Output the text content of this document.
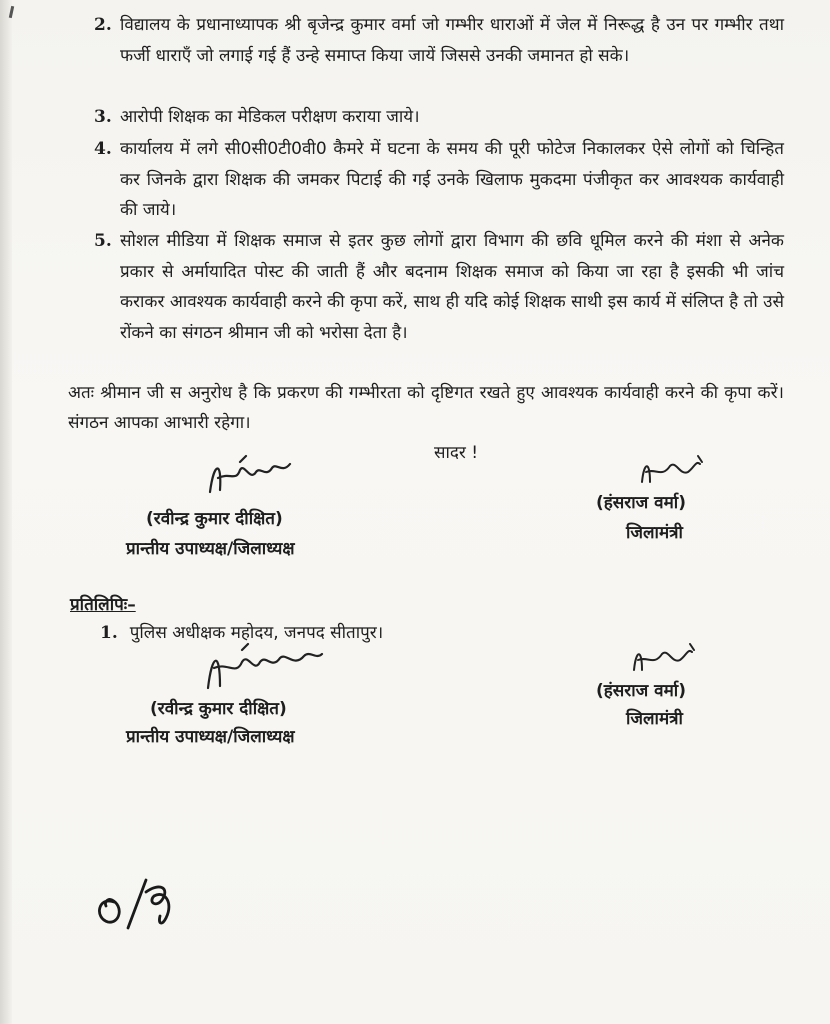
2. विद्यालय के प्रधानाध्यापक श्री बृजेन्द्र कुमार वर्मा जो गम्भीर धाराओं में जेल में निरूद्ध है उन पर गम्भीर तथा फर्जी धाराएँ जो लगाई गई हैं उन्हे समाप्त किया जायें जिससे उनकी जमानत हो सके।
3. आरोपी शिक्षक का मेडिकल परीक्षण कराया जाये।
4. कार्यालय में लगे सी0सी0टी0वी0 कैमरे में घटना के समय की पूरी फोटेज निकालकर ऐसे लोगों को चिन्हित कर जिनके द्वारा शिक्षक की जमकर पिटाई की गई उनके खिलाफ मुकदमा पंजीकृत कर आवश्यक कार्यवाही की जाये।
5. सोशल मीडिया में शिक्षक समाज से इतर कुछ लोगों द्वारा विभाग की छवि धूमिल करने की मंशा से अनेक प्रकार से अर्मायादित पोस्ट की जाती हैं और बदनाम शिक्षक समाज को किया जा रहा है इसकी भी जांच कराकर आवश्यक कार्यवाही करने की कृपा करें, साथ ही यदि कोई शिक्षक साथी इस कार्य में संलिप्त है तो उसे रोंकने का संगठन श्रीमान जी को भरोसा देता है।

अतः श्रीमान जी स अनुरोध है कि प्रकरण की गम्भीरता को दृष्टिगत रखते हुए आवश्यक कार्यवाही करने की कृपा करें। संगठन आपका आभारी रहेगा।

सादर !
(रवीन्द्र कुमार दीक्षित)
प्रान्तीय उपाध्यक्ष/जिलाध्यक्ष
(हंसराज वर्मा)
जिलामंत्री
प्रतिलिपिः–
1. पुलिस अधीक्षक महोदय, जनपद सीतापुर।
(रवीन्द्र कुमार दीक्षित)
प्रान्तीय उपाध्यक्ष/जिलाध्यक्ष
(हंसराज वर्मा)
जिलामंत्री
